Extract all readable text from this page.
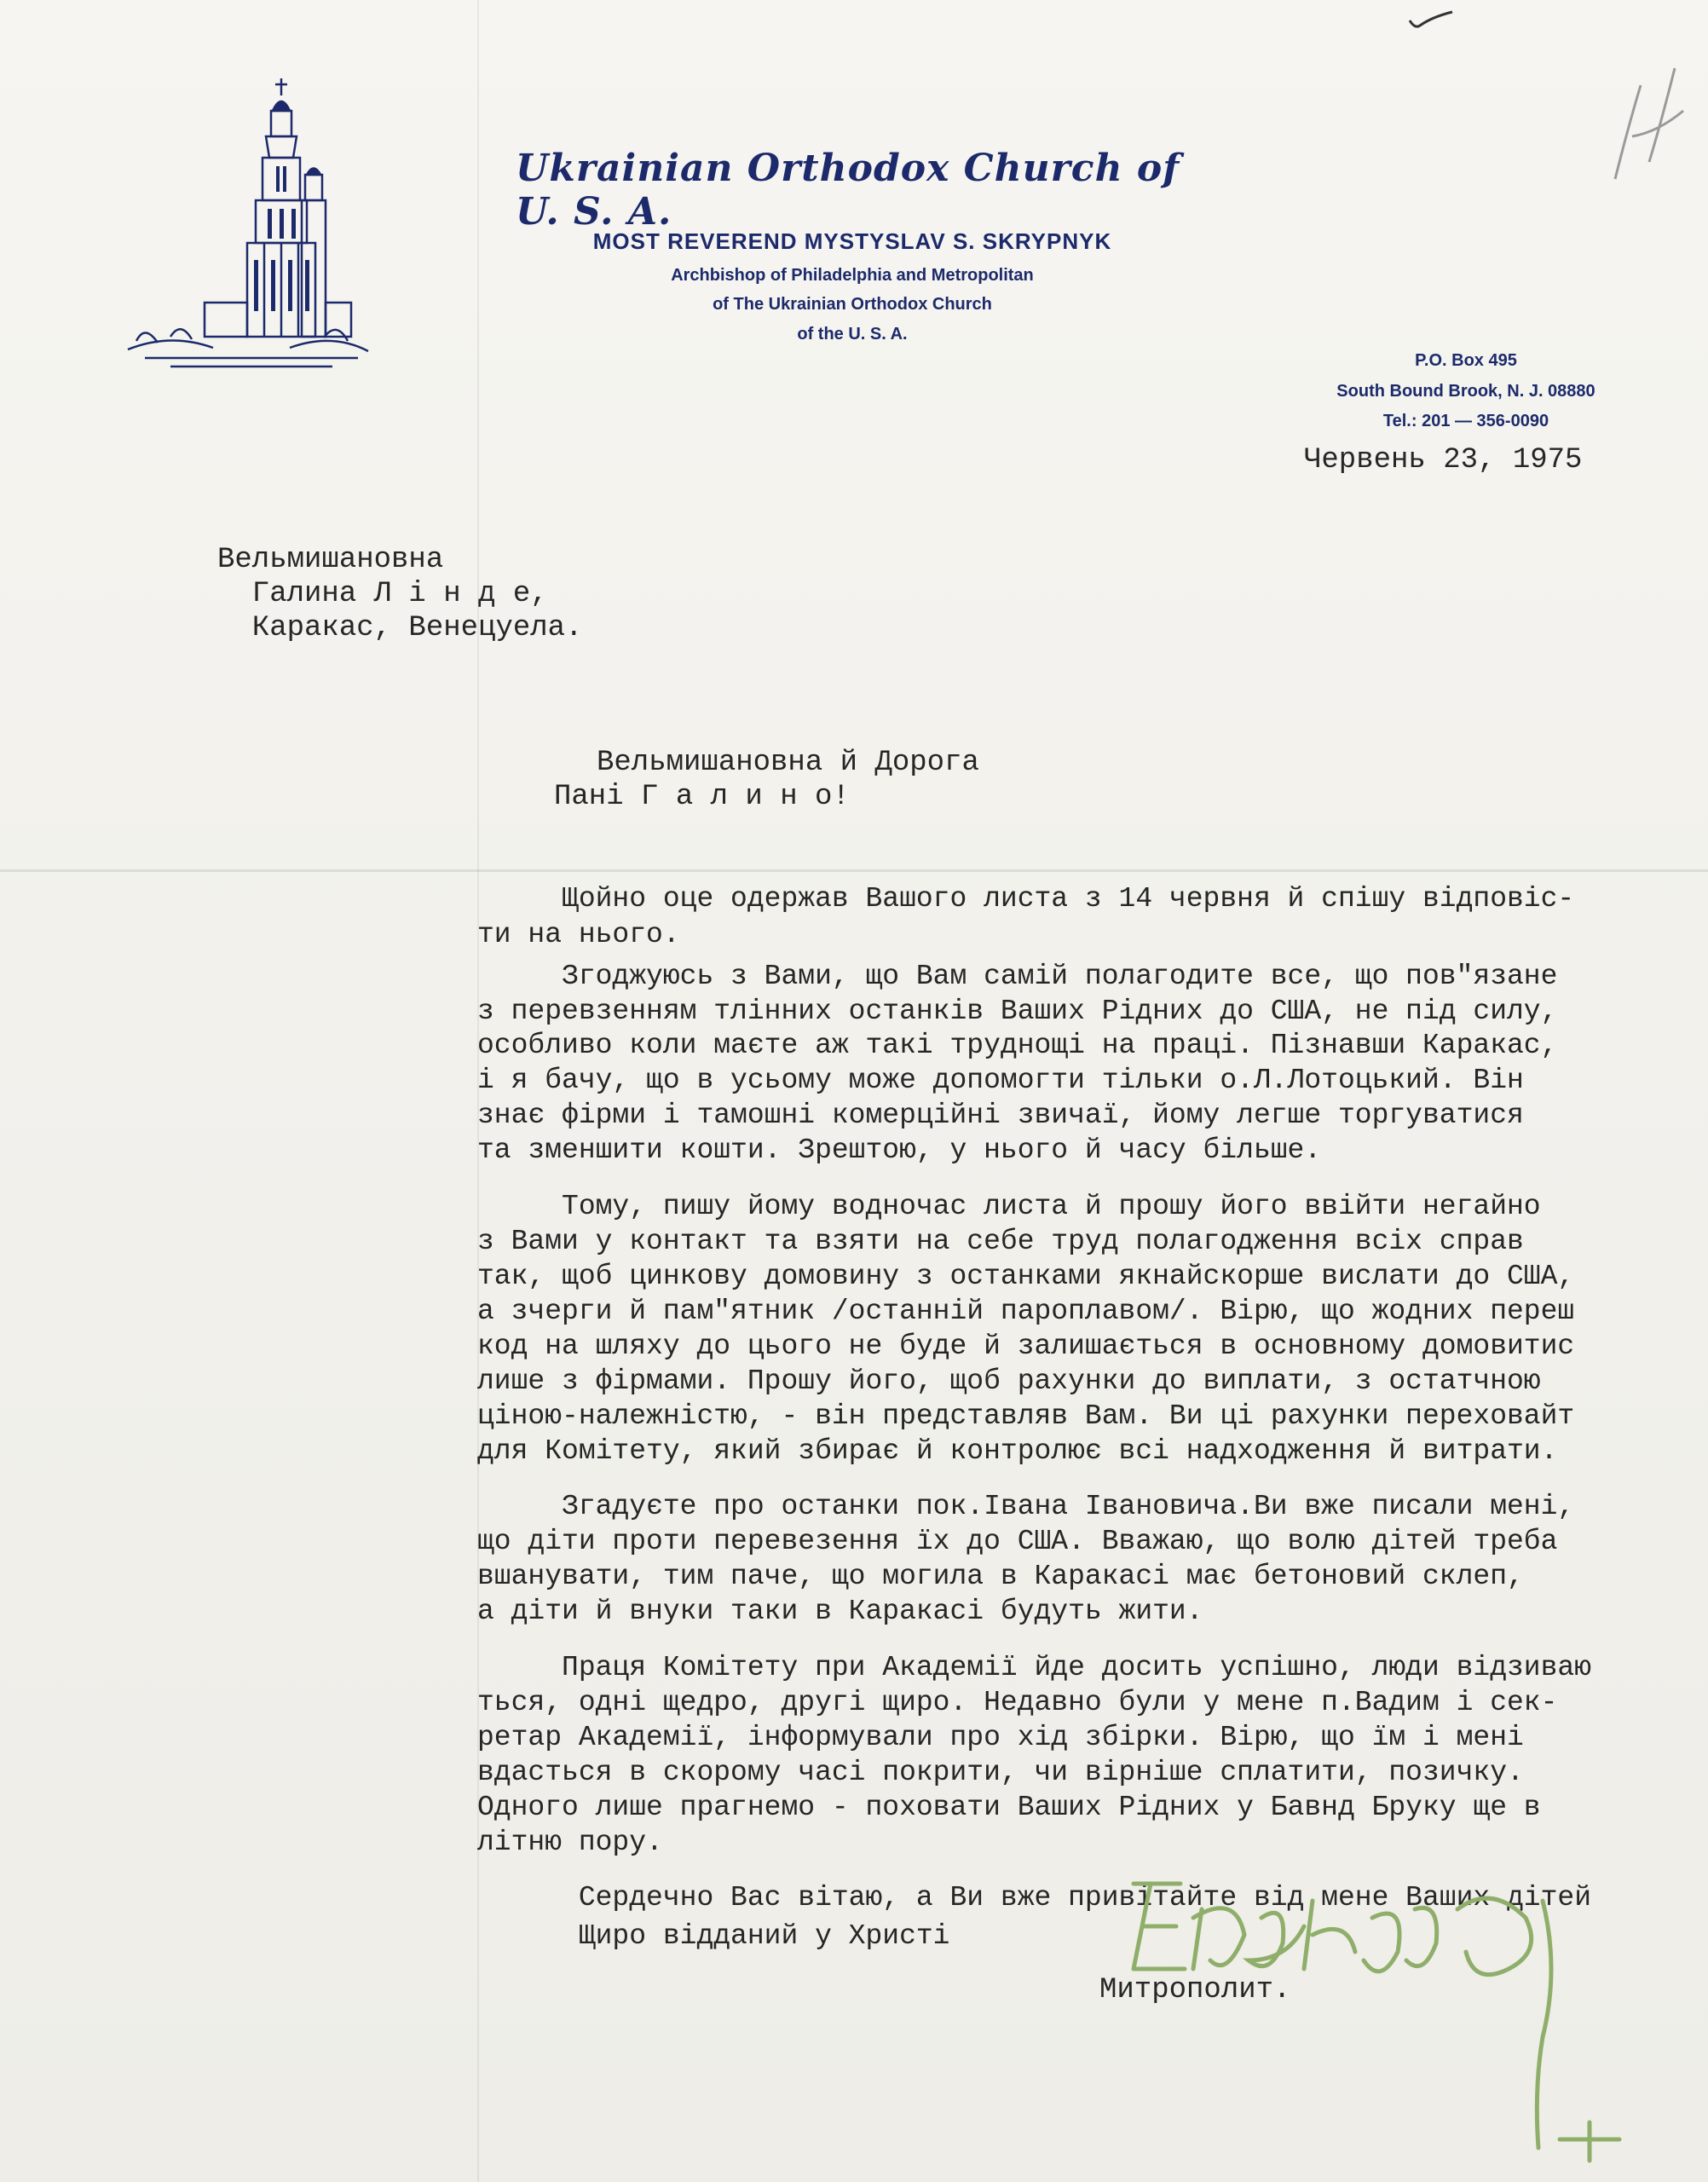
Ukrainian Orthodox Church of U. S. A.
MOST REVEREND MYSTYSLAV S. SKRYPNYK
Archbishop of Philadelphia and Metropolitan
of The Ukrainian Orthodox Church
of the U. S. A.
P.O. Box 495
South Bound Brook, N. J. 08880
Tel.: 201 — 356-0090
Червень 23, 1975
Вельмишановна
Галина Л і н д е,
Каракас, Венецуела.
Вельмишановна й Дорога
Пані Г а л и н о!
Щойно оце одержав Вашого листа з 14 червня й спішу відповіс-
ти на нього.
Згоджуюсь з Вами, що Вам самій полагодите все, що пов"язане
з перевзенням тлінних останків Ваших Рідних до США, не під силу,
особливо коли маєте аж такі труднощі на праці. Пізнавши Каракас,
і я бачу, що в усьому може допомогти тільки о.Л.Лотоцький. Він
знає фірми і тамошні комерційні звичаї, йому легше торгуватися
та зменшити кошти. Зрештою, у нього й часу більше.
Тому, пишу йому водночас листа й прошу його ввійти негайно
з Вами у контакт та взяти на себе труд полагодження всіх справ
так, щоб цинкову домовину з останками якнайскорше вислати до США,
а зчерги й пам"ятник /останній пароплавом/. Вірю, що жодних переш
код на шляху до цього не буде й залишається в основному домовитис
лише з фірмами. Прошу його, щоб рахунки до виплати, з остатчною
ціною-належністю, - він представляв Вам. Ви ці рахунки переховайт
для Комітету, який збирає й контролює всі надходження й витрати.
Згадуєте про останки пок.Івана Івановича.Ви вже писали мені,
що діти проти перевезення їх до США. Вважаю, що волю дітей треба
вшанувати, тим паче, що могила в Каракасі має бетоновий склеп,
а діти й внуки таки в Каракасі будуть жити.
Праця Комітету при Академії йде досить успішно, люди відзиваю
ться, одні щедро, другі щиро. Недавно були у мене п.Вадим і сек-
ретар Академії, інформували про хід збірки. Вірю, що їм і мені
вдасться в скорому часі покрити, чи вірніше сплатити, позичку.
Одного лише прагнемо - поховати Ваших Рідних у Бавнд Бруку ще в
літню пору.
Сердечно Вас вітаю, а Ви вже привітайте від мене Ваших дітей
Щиро відданий у Христі
Митрополит.
